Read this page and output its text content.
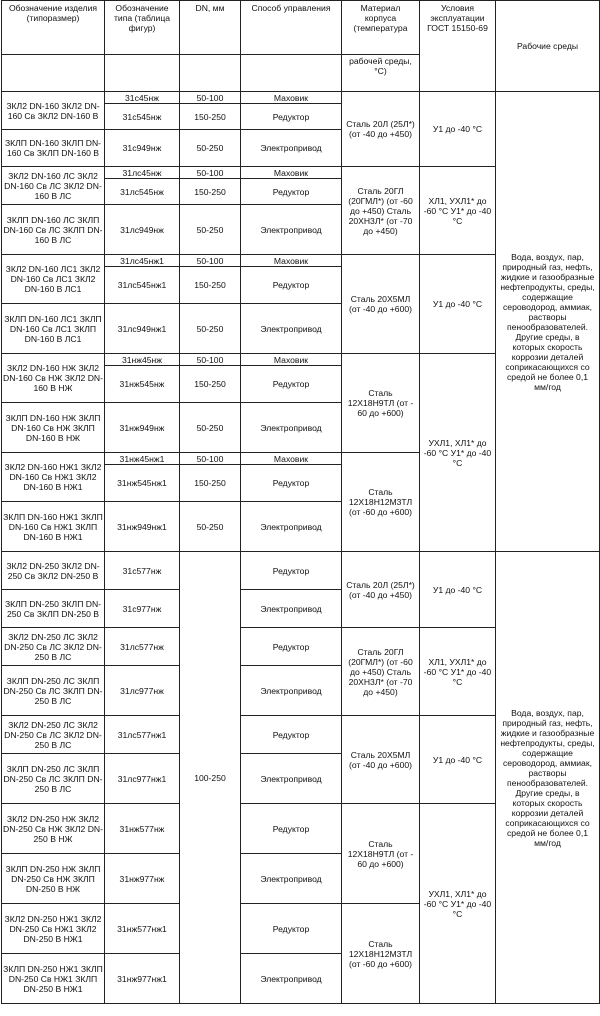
Обозначение изделия (типоразмер)	Обозначение типа (таблица фигур)	DN, мм	Способ управления	Материал корпуса (температура	Условия эксплуатации ГОСТ 15150-69	Рабочие среды
				рабочей среды, °С)		
ЗКЛ2 DN-160 ЗКЛ2 DN-160 Св ЗКЛ2 DN-160 В	31с45нж	50-100	Маховик	Сталь 20Л (25Л*) (от -40 до +450)	У1 до -40 °С	Вода, воздух, пар, природный газ, нефть, жидкие и газообразные нефтепродукты, среды, содержащие сероводород, аммиак, растворы пенообразователей. Другие среды, в которых скорость коррозии деталей соприкасающихся со средой не более 0,1 мм/год
	31с545нж	150-250	Редуктор			
ЗКЛП DN-160 ЗКЛП DN-160 Св ЗКЛП DN-160 В	31с949нж	50-250	Электропривод			
ЗКЛ2 DN-160 ЛС ЗКЛ2 DN-160 Св ЛС ЗКЛ2 DN-160 В ЛС	31лс45нж	50-100	Маховик	Сталь 20ГЛ (20ГМЛ*) (от -60 до +450) Сталь 20ХН3Л* (от -70 до +450)	ХЛ1, УХЛ1* до -60 °С У1* до -40 °С	
	31лс545нж	150-250	Редуктор			
ЗКЛП DN-160 ЛС ЗКЛП DN-160 Св ЛС ЗКЛП DN-160 В ЛС	31лс949нж	50-250	Электропривод			
ЗКЛ2 DN-160 ЛС1 ЗКЛ2 DN-160 Св ЛС1 ЗКЛ2 DN-160 В ЛС1	31лс45нж1	50-100	Маховик	Сталь 20Х5МЛ (от -40 до +600)	У1 до -40 °С	
	31лс545нж1	150-250	Редуктор			
ЗКЛП DN-160 ЛС1 ЗКЛП DN-160 Св ЛС1 ЗКЛП DN-160 В ЛС1	31лс949нж1	50-250	Электропривод			
ЗКЛ2 DN-160 НЖ ЗКЛ2 DN-160 Св НЖ ЗКЛ2 DN-160 В НЖ	31нж45нж	50-100	Маховик	Сталь 12Х18Н9ТЛ (от - 60 до +600)	УХЛ1, ХЛ1* до -60 °С У1* до -40 °С	
	31нж545нж	150-250	Редуктор			
ЗКЛП DN-160 НЖ ЗКЛП DN-160 Св НЖ ЗКЛП DN-160 В НЖ	31нж949нж	50-250	Электропривод			
ЗКЛ2 DN-160 НЖ1 ЗКЛ2 DN-160 Св НЖ1 ЗКЛ2 DN-160 В НЖ1	31нж45нж1	50-100	Маховик	Сталь 12Х18Н12М3ТЛ (от -60 до +600)		
	31нж545нж1	150-250	Редуктор			
ЗКЛП DN-160 НЖ1 ЗКЛП DN-160 Св НЖ1 ЗКЛП DN-160 В НЖ1	31нж949нж1	50-250	Электропривод			
ЗКЛ2 DN-250 ЗКЛ2 DN-250 Св ЗКЛ2 DN-250 В	31с577нж	100-250	Редуктор	Сталь 20Л (25Л*) (от -40 до +450)	У1 до -40 °С	Вода, воздух, пар, природный газ, нефть, жидкие и газообразные нефтепродукты, среды, содержащие сероводород, аммиак, растворы пенообразователей. Другие среды, в которых скорость коррозии деталей соприкасающихся со средой не более 0,1 мм/год
ЗКЛП DN-250 ЗКЛП DN-250 Св ЗКЛП DN-250 В	31с977нж		Электропривод			
ЗКЛ2 DN-250 ЛС ЗКЛ2 DN-250 Св ЛС ЗКЛ2 DN-250 В ЛС	31лс577нж		Редуктор	Сталь 20ГЛ (20ГМЛ*) (от -60 до +450) Сталь 20ХН3Л* (от -70 до +450)	ХЛ1, УХЛ1* до -60 °С У1* до -40 °С	
ЗКЛП DN-250 ЛС ЗКЛП DN-250 Св ЛС ЗКЛП DN-250 В ЛС	31лс977нж		Электропривод			
ЗКЛ2 DN-250 ЛС ЗКЛ2 DN-250 Св ЛС ЗКЛ2 DN-250 В ЛС	31лс577нж1		Редуктор	Сталь 20Х5МЛ (от -40 до +600)	У1 до -40 °С	
ЗКЛП DN-250 ЛС ЗКЛП DN-250 Св ЛС ЗКЛП DN-250 В ЛС	31лс977нж1		Электропривод			
ЗКЛ2 DN-250 НЖ ЗКЛ2 DN-250 Св НЖ ЗКЛ2 DN-250 В НЖ	31нж577нж		Редуктор	Сталь 12Х18Н9ТЛ (от - 60 до +600)	УХЛ1, ХЛ1* до -60 °С У1* до -40 °С	
ЗКЛП DN-250 НЖ ЗКЛП DN-250 Св НЖ ЗКЛП DN-250 В НЖ	31нж977нж		Электропривод			
ЗКЛ2 DN-250 НЖ1 ЗКЛ2 DN-250 Св НЖ1 ЗКЛ2 DN-250 В НЖ1	31нж577нж1		Редуктор	Сталь 12Х18Н12М3ТЛ (от -60 до +600)		
ЗКЛП DN-250 НЖ1 ЗКЛП DN-250 Св НЖ1 ЗКЛП DN-250 В НЖ1	31нж977нж1		Электропривод			
